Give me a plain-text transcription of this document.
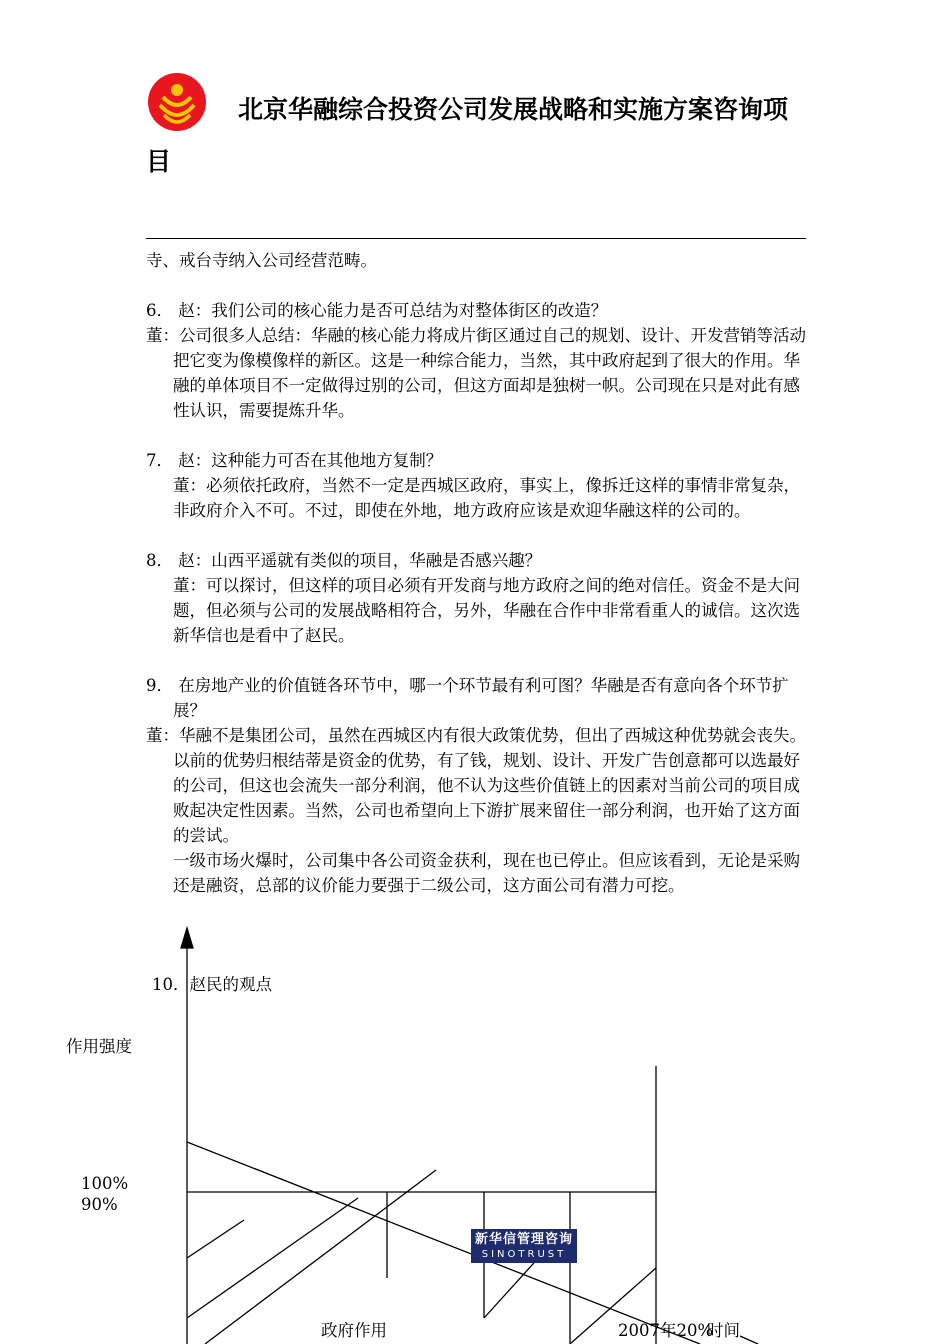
北京华融综合投资公司发展战略和实施方案咨询项目

寺、戒台寺纳入公司经营范畴。

6． 赵：我们公司的核心能力是否可总结为对整体街区的改造？

董：公司很多人总结：华融的核心能力将成片街区通过自己的规划、设计、开发营销等活动把它变为像模像样的新区。这是一种综合能力，当然，其中政府起到了很大的作用。华融的单体项目不一定做得过别的公司，但这方面却是独树一帜。公司现在只是对此有感性认识，需要提炼升华。

7． 赵：这种能力可否在其他地方复制？

董：必须依托政府，当然不一定是西城区政府，事实上，像拆迁这样的事情非常复杂，非政府介入不可。不过，即使在外地，地方政府应该是欢迎华融这样的公司的。

8． 赵：山西平遥就有类似的项目，华融是否感兴趣？

董：可以探讨，但这样的项目必须有开发商与地方政府之间的绝对信任。资金不是大问题，但必须与公司的发展战略相符合，另外，华融在合作中非常看重人的诚信。这次选新华信也是看中了赵民。

9． 在房地产业的价值链各环节中，哪一个环节最有利可图？华融是否有意向各个环节扩展？

董：华融不是集团公司，虽然在西城区内有很大政策优势，但出了西城这种优势就会丧失。以前的优势归根结蒂是资金的优势，有了钱，规划、设计、开发广告创意都可以选最好的公司，但这也会流失一部分利润，他不认为这些价值链上的因素对当前公司的项目成败起决定性因素。当然，公司也希望向上下游扩展来留住一部分利润，也开始了这方面的尝试。

一级市场火爆时，公司集中各公司资金获利，现在也已停止。但应该看到，无论是采购还是融资，总部的议价能力要强于二级公司，这方面公司有潜力可挖。

10．赵民的观点
作用强度
100%
90%
政府作用	2007年20%
时间
新华信管理咨询
SINOTRUST
